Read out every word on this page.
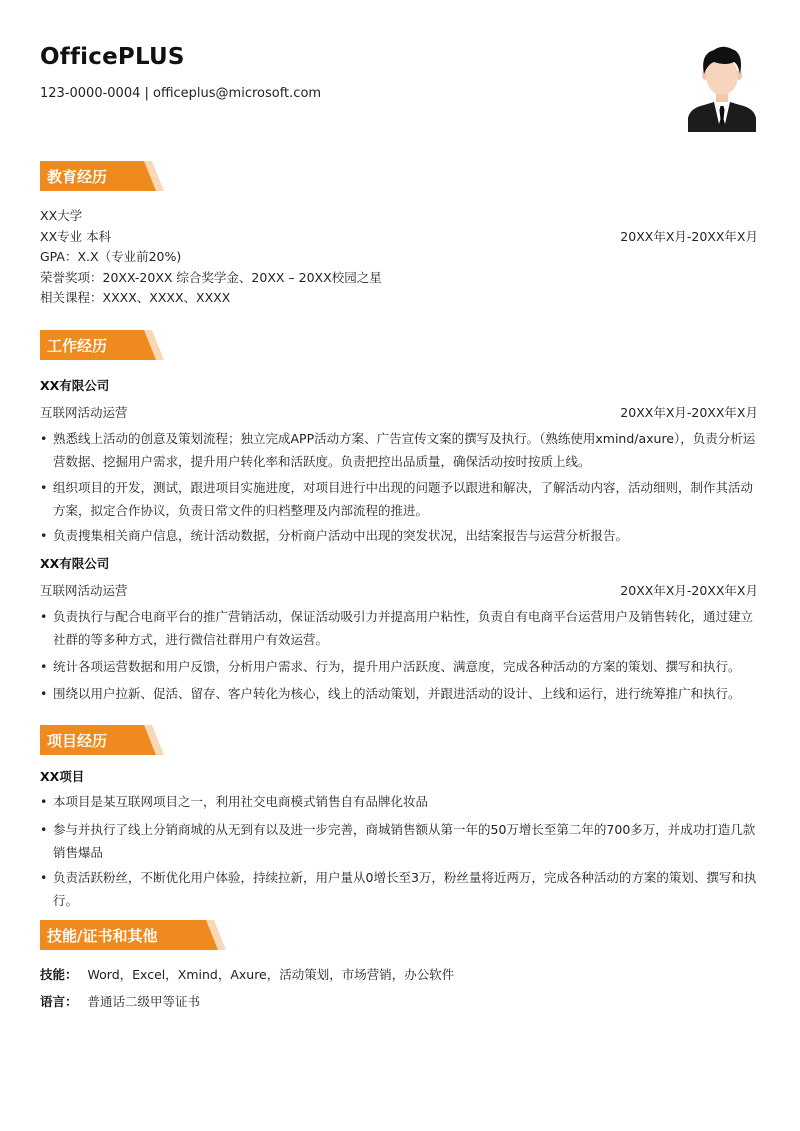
OfficePLUS
123-0000-0004 | officeplus@microsoft.com
教育经历
XX大学
XX专业 本科	20XX年X月-20XX年X月
GPA：X.X（专业前20%)
荣誉奖项：20XX-20XX 综合奖学金、20XX – 20XX校园之星
相关课程：XXXX、XXXX、XXXX
工作经历
XX有限公司
互联网活动运营	20XX年X月-20XX年X月
• 熟悉线上活动的创意及策划流程；独立完成APP活动方案、广告宣传文案的撰写及执行。（熟练使用xmind/axure），负责分析运营数据、挖掘用户需求，提升用户转化率和活跃度。负责把控出品质量，确保活动按时按质上线。
• 组织项目的开发，测试，跟进项目实施进度，对项目进行中出现的问题予以跟进和解决，了解活动内容，活动细则，制作其活动方案，拟定合作协议，负责日常文件的归档整理及内部流程的推进。
• 负责搜集相关商户信息，统计活动数据，分析商户活动中出现的突发状况，出结案报告与运营分析报告。
XX有限公司
互联网活动运营	20XX年X月-20XX年X月
• 负责执行与配合电商平台的推广营销活动，保证活动吸引力并提高用户粘性，负责自有电商平台运营用户及销售转化，通过建立社群的等多种方式，进行微信社群用户有效运营。
• 统计各项运营数据和用户反馈，分析用户需求、行为，提升用户活跃度、满意度，完成各种活动的方案的策划、撰写和执行。
• 围绕以用户拉新、促活、留存、客户转化为核心，线上的活动策划，并跟进活动的设计、上线和运行，进行统筹推广和执行。
项目经历
XX项目
• 本项目是某互联网项目之一，利用社交电商模式销售自有品牌化妆品
• 参与并执行了线上分销商城的从无到有以及进一步完善，商城销售额从第一年的50万增长至第二年的700多万，并成功打造几款销售爆品
• 负责活跃粉丝，不断优化用户体验，持续拉新，用户量从0增长至3万，粉丝量将近两万，完成各种活动的方案的策划、撰写和执行。
技能/证书和其他
技能： Word，Excel，Xmind，Axure，活动策划，市场营销，办公软件
语言： 普通话二级甲等证书
